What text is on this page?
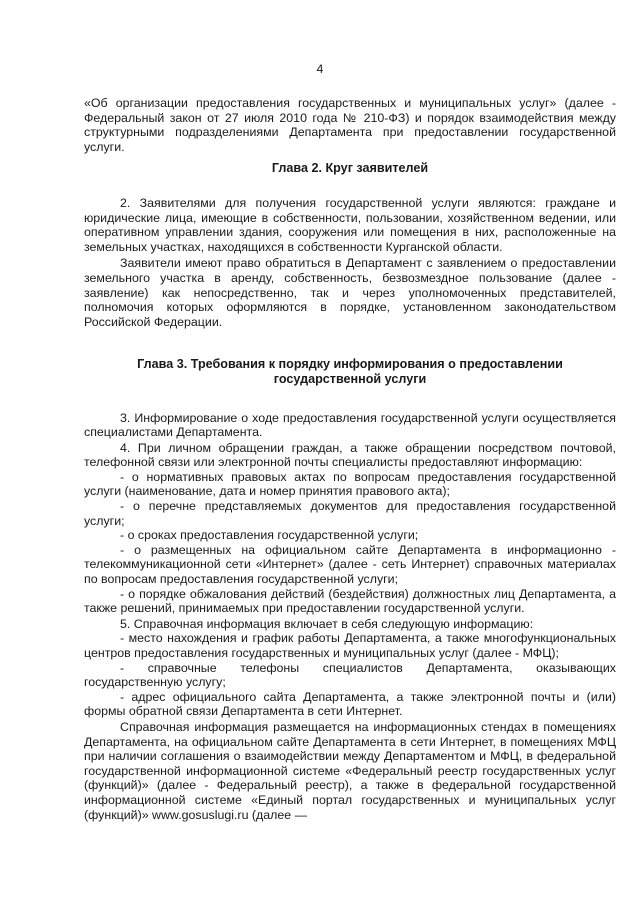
4

«Об организации предоставления государственных и муниципальных услуг» (далее - Федеральный закон от 27 июля 2010 года № 210-ФЗ) и порядок взаимодействия между структурными подразделениями Департамента при предоставлении государственной услуги.

Глава 2. Круг заявителей

2. Заявителями для получения государственной услуги являются: граждане и юридические лица, имеющие в собственности, пользовании, хозяйственном ведении, или оперативном управлении здания, сооружения или помещения в них, расположенные на земельных участках, находящихся в собственности Курганской области.

Заявители имеют право обратиться в Департамент с заявлением о предоставлении земельного участка в аренду, собственность, безвозмездное пользование (далее - заявление) как непосредственно, так и через уполномоченных представителей, полномочия которых оформляются в порядке, установленном законодательством Российской Федерации.

Глава 3. Требования к порядку информирования о предоставлении государственной услуги

3. Информирование о ходе предоставления государственной услуги осуществляется специалистами Департамента.

4. При личном обращении граждан, а также обращении посредством почтовой, телефонной связи или электронной почты специалисты предоставляют информацию:

- о нормативных правовых актах по вопросам предоставления государственной услуги (наименование, дата и номер принятия правового акта);

- о перечне представляемых документов для предоставления государственной услуги;

- о сроках предоставления государственной услуги;

- о размещенных на официальном сайте Департамента в информационно - телекоммуникационной сети «Интернет» (далее - сеть Интернет) справочных материалах по вопросам предоставления государственной услуги;

- о порядке обжалования действий (бездействия) должностных лиц Департамента, а также решений, принимаемых при предоставлении государственной услуги.

5. Справочная информация включает в себя следующую информацию:

- место нахождения и график работы Департамента, а также многофункциональных центров предоставления государственных и муниципальных услуг (далее - МФЦ);

- справочные телефоны специалистов Департамента, оказывающих государственную услугу;

- адрес официального сайта Департамента, а также электронной почты и (или) формы обратной связи Департамента в сети Интернет.

Справочная информация размещается на информационных стендах в помещениях Департамента, на официальном сайте Департамента в сети Интернет, в помещениях МФЦ при наличии соглашения о взаимодействии между Департаментом и МФЦ, в федеральной государственной информационной системе «Федеральный реестр государственных услуг (функций)» (далее - Федеральный реестр), а также в федеральной государственной информационной системе «Единый портал государственных и муниципальных услуг (функций)» www.gosuslugi.ru (далее —
